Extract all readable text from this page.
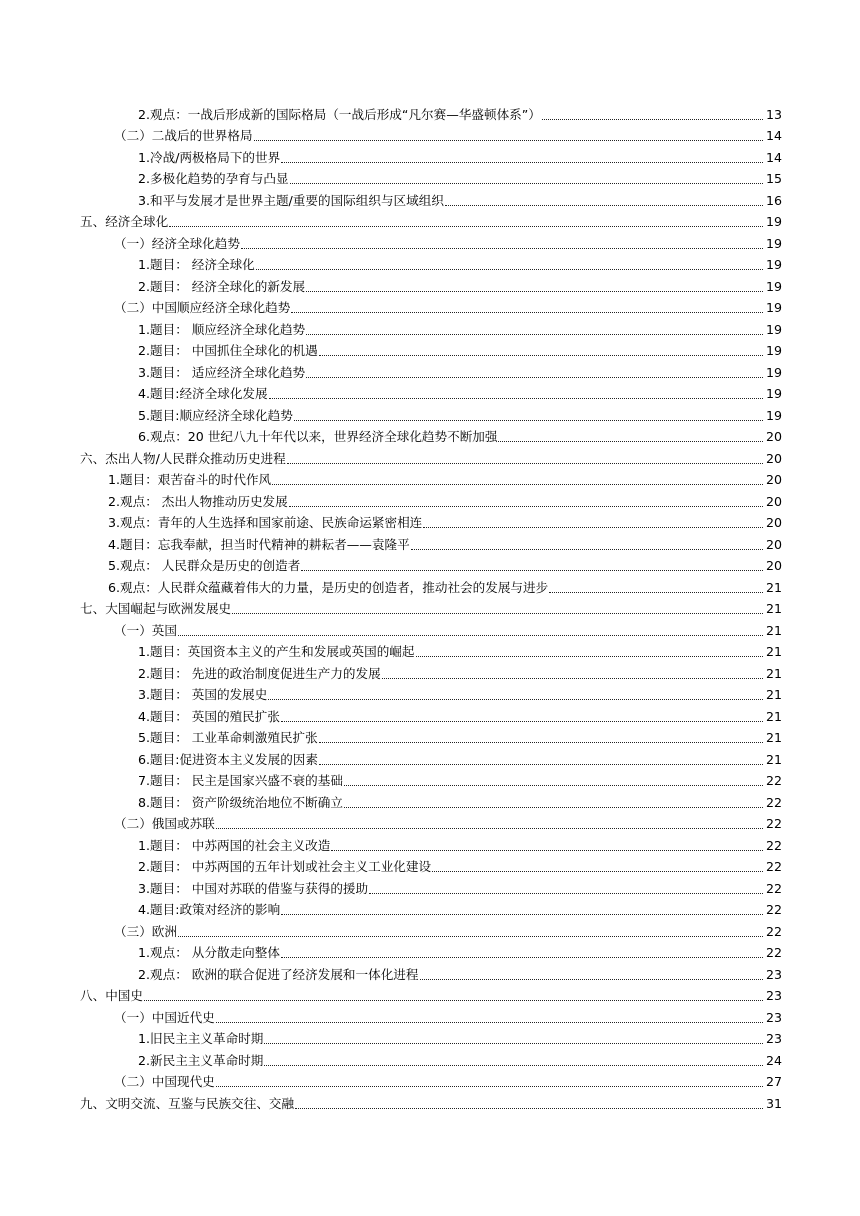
2.观点：一战后形成新的国际格局（一战后形成“凡尔赛—华盛顿体系”）	13
（二）二战后的世界格局	14
1.冷战/两极格局下的世界	14
2.多极化趋势的孕育与凸显	15
3.和平与发展才是世界主题/重要的国际组织与区域组织	16
五、经济全球化	19
（一）经济全球化趋势	19
1.题目： 经济全球化	19
2.题目： 经济全球化的新发展	19
（二）中国顺应经济全球化趋势	19
1.题目： 顺应经济全球化趋势	19
2.题目： 中国抓住全球化的机遇	19
3.题目： 适应经济全球化趋势	19
4.题目:经济全球化发展	19
5.题目:顺应经济全球化趋势	19
6.观点：20 世纪八九十年代以来，世界经济全球化趋势不断加强	20
六、杰出人物/人民群众推动历史进程	20
1.题目：艰苦奋斗的时代作风	20
2.观点： 杰出人物推动历史发展	20
3.观点：青年的人生选择和国家前途、民族命运紧密相连	20
4.题目：忘我奉献，担当时代精神的耕耘者——袁隆平	20
5.观点： 人民群众是历史的创造者	20
6.观点：人民群众蕴藏着伟大的力量，是历史的创造者，推动社会的发展与进步	21
七、大国崛起与欧洲发展史	21
（一）英国	21
1.题目：英国资本主义的产生和发展或英国的崛起	21
2.题目： 先进的政治制度促进生产力的发展	21
3.题目： 英国的发展史	21
4.题目： 英国的殖民扩张	21
5.题目： 工业革命刺激殖民扩张	21
6.题目:促进资本主义发展的因素	21
7.题目： 民主是国家兴盛不衰的基础	22
8.题目： 资产阶级统治地位不断确立	22
（二）俄国或苏联	22
1.题目： 中苏两国的社会主义改造	22
2.题目： 中苏两国的五年计划或社会主义工业化建设	22
3.题目： 中国对苏联的借鉴与获得的援助	22
4.题目:政策对经济的影响	22
（三）欧洲	22
1.观点： 从分散走向整体	22
2.观点： 欧洲的联合促进了经济发展和一体化进程	23
八、中国史	23
（一）中国近代史	23
1.旧民主主义革命时期	23
2.新民主主义革命时期	24
（二）中国现代史	27
九、文明交流、互鉴与民族交往、交融	31
